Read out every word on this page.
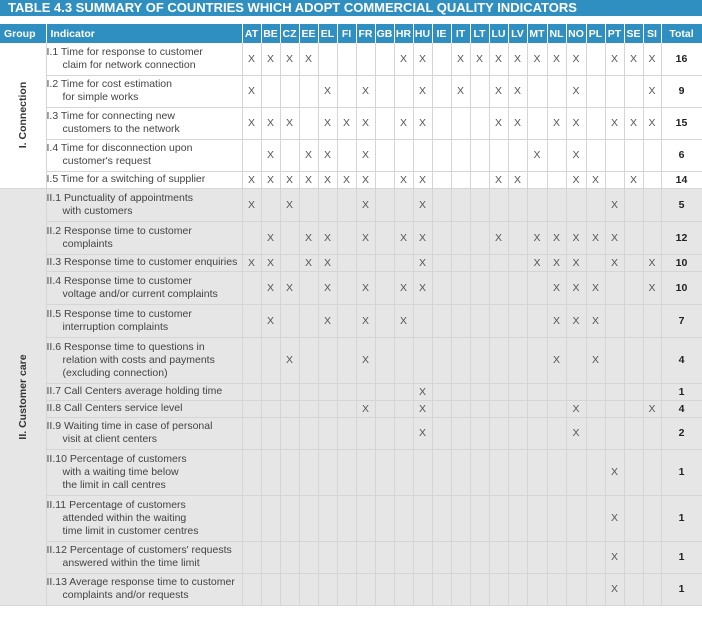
TABLE 4.3 SUMMARY OF COUNTRIES WHICH ADOPT COMMERCIAL QUALITY INDICATORS
Group	Indicator	AT	BE	CZ	EE	EL	FI	FR	GB	HR	HU	IE	IT	LT	LU	LV	MT	NL	NO	PL	PT	SE	SI	Total

I. Connection	I.1 Time for response to customer
claim for network connection	X	X	X	X					X	X		X	X	X	X	X	X	X		X	X	X	16

	I.2 Time for cost estimation
for simple works	X				X		X			X		X		X	X			X				X	9

	I.3 Time for connecting new
customers to the network	X	X	X		X	X	X		X	X				X	X		X	X		X	X	X	15

	I.4 Time for disconnection upon
customer's request		X		X	X		X									X		X					6

	I.5 Time for a switching of supplier	X	X	X	X	X	X	X		X	X				X	X			X	X		X		14

II. Customer care	II.1 Punctuality of appointments
with customers	X		X				X			X										X			5

	II.2 Response time to customer
complaints		X		X	X		X		X	X				X		X	X	X	X	X			12

	II.3 Response time to customer enquiries	X	X		X	X					X						X	X	X		X		X	10

	II.4 Response time to customer
voltage and/or current complaints		X	X		X		X		X	X							X	X	X			X	10

	II.5 Response time to customer
interruption complaints		X			X		X		X								X	X	X				7

	II.6 Response time to questions in
relation with costs and payments
(excluding connection)			X				X										X		X				4

	II.7 Call Centers average holding time										X													1

	II.8 Call Centers service level							X			X								X				X	4

	II.9 Waiting time in case of personal
visit at client centers										X								X					2

	II.10 Percentage of customers
with a waiting time below
the limit in call centres																				X			1

	II.11 Percentage of customers
attended within the waiting
time limit in customer centres																				X			1

	II.12 Percentage of customers' requests
answered within the time limit																				X			1

	II.13 Average response time to customer
complaints and/or requests																				X			1
